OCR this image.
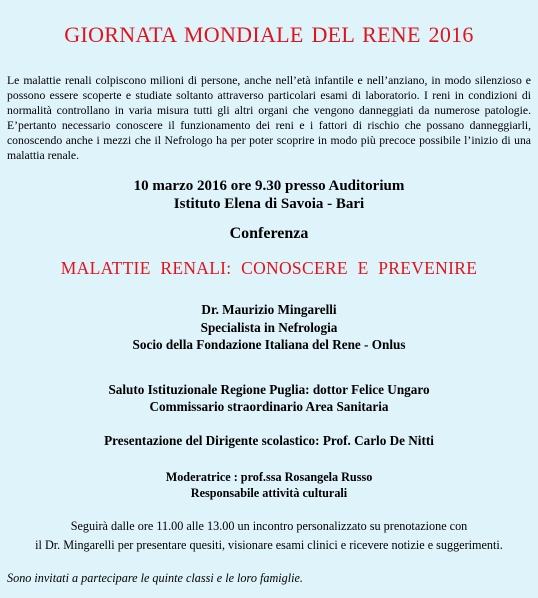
GIORNATA MONDIALE DEL RENE 2016
Le malattie renali colpiscono milioni di persone, anche nell’età infantile e nell’anziano, in modo silenzioso e possono essere scoperte e studiate soltanto attraverso particolari esami di laboratorio. I reni in condizioni di normalità controllano in varia misura tutti gli altri organi che vengono danneggiati da numerose patologie. E’pertanto necessario conoscere il funzionamento dei reni e i fattori di rischio che possano danneggiarli, conoscendo anche i mezzi che il Nefrologo ha per poter scoprire in modo più precoce possibile l’inizio di una malattia renale.
10 marzo 2016 ore 9.30 presso Auditorium
Istituto Elena di Savoia - Bari
Conferenza
MALATTIE RENALI: CONOSCERE E PREVENIRE
Dr. Maurizio Mingarelli
Specialista in Nefrologia
Socio della Fondazione Italiana del Rene - Onlus
Saluto Istituzionale Regione Puglia: dottor Felice Ungaro
Commissario straordinario Area Sanitaria
Presentazione del Dirigente scolastico: Prof. Carlo De Nitti
Moderatrice : prof.ssa Rosangela Russo
Responsabile attività culturali
Seguirà dalle ore 11.00 alle 13.00 un incontro personalizzato su prenotazione con
il Dr. Mingarelli per presentare quesiti, visionare esami clinici e ricevere notizie e suggerimenti.
Sono invitati a partecipare le quinte classi e le loro famiglie.
